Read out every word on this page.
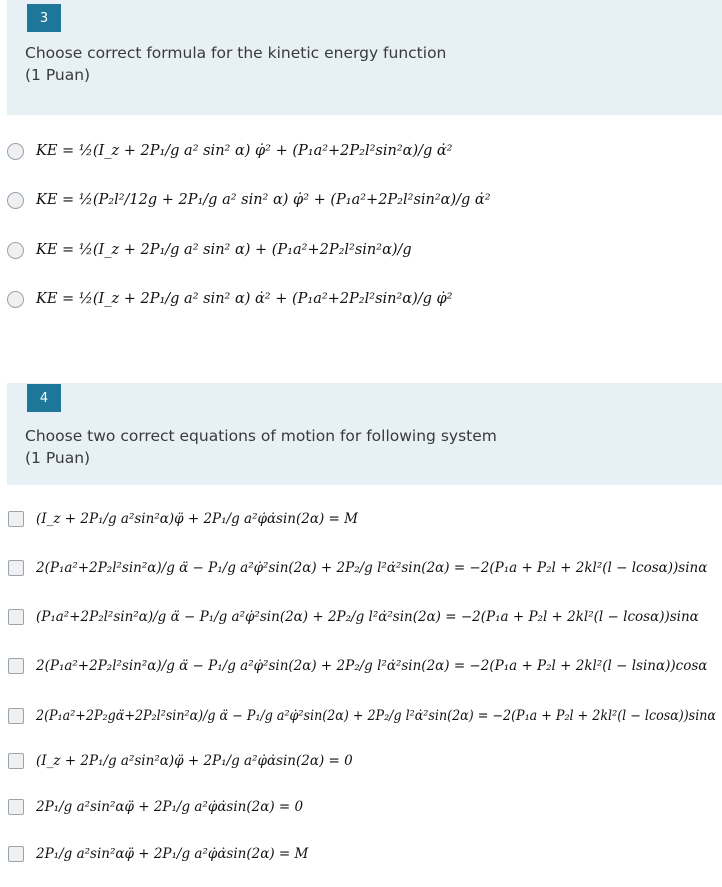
3
Choose correct formula for the kinetic energy function
(1 Puan)
KE = ½(I_z + 2P₁/g a² sin² α) φ̇² + (P₁a²+2P₂l²sin²α)/g α̇²
KE = ½(P₂l²/12g + 2P₁/g a² sin² α) φ̇² + (P₁a²+2P₂l²sin²α)/g α̇²
KE = ½(I_z + 2P₁/g a² sin² α) + (P₁a²+2P₂l²sin²α)/g
KE = ½(I_z + 2P₁/g a² sin² α) α̇² + (P₁a²+2P₂l²sin²α)/g φ̇²
4
Choose two correct equations of motion for following system
(1 Puan)
(I_z + 2P₁/g a²sin²α)φ̈ + 2P₁/g a²φ̇α̇sin(2α) = M
2(P₁a²+2P₂l²sin²α)/g α̈ − P₁/g a²φ̇²sin(2α) + 2P₂/g l²α̇²sin(2α) = −2(P₁a + P₂l + 2kl²(l − lcosα))sinα
(P₁a²+2P₂l²sin²α)/g α̈ − P₁/g a²φ̇²sin(2α) + 2P₂/g l²α̇²sin(2α) = −2(P₁a + P₂l + 2kl²(l − lcosα))sinα
2(P₁a²+2P₂l²sin²α)/g α̈ − P₁/g a²φ̇²sin(2α) + 2P₂/g l²α̇²sin(2α) = −2(P₁a + P₂l + 2kl²(l − lsinα))cosα
2(P₁a²+2P₂gα̈+2P₂l²sin²α)/g α̈ − P₁/g a²φ̇²sin(2α) + 2P₂/g l²α̇²sin(2α) = −2(P₁a + P₂l + 2kl²(l − lcosα))sinα
(I_z + 2P₁/g a²sin²α)φ̈ + 2P₁/g a²φ̇α̇sin(2α) = 0
2P₁/g a²sin²αφ̈ + 2P₁/g a²φ̇α̇sin(2α) = 0
2P₁/g a²sin²αφ̈ + 2P₁/g a²φ̇α̇sin(2α) = M
